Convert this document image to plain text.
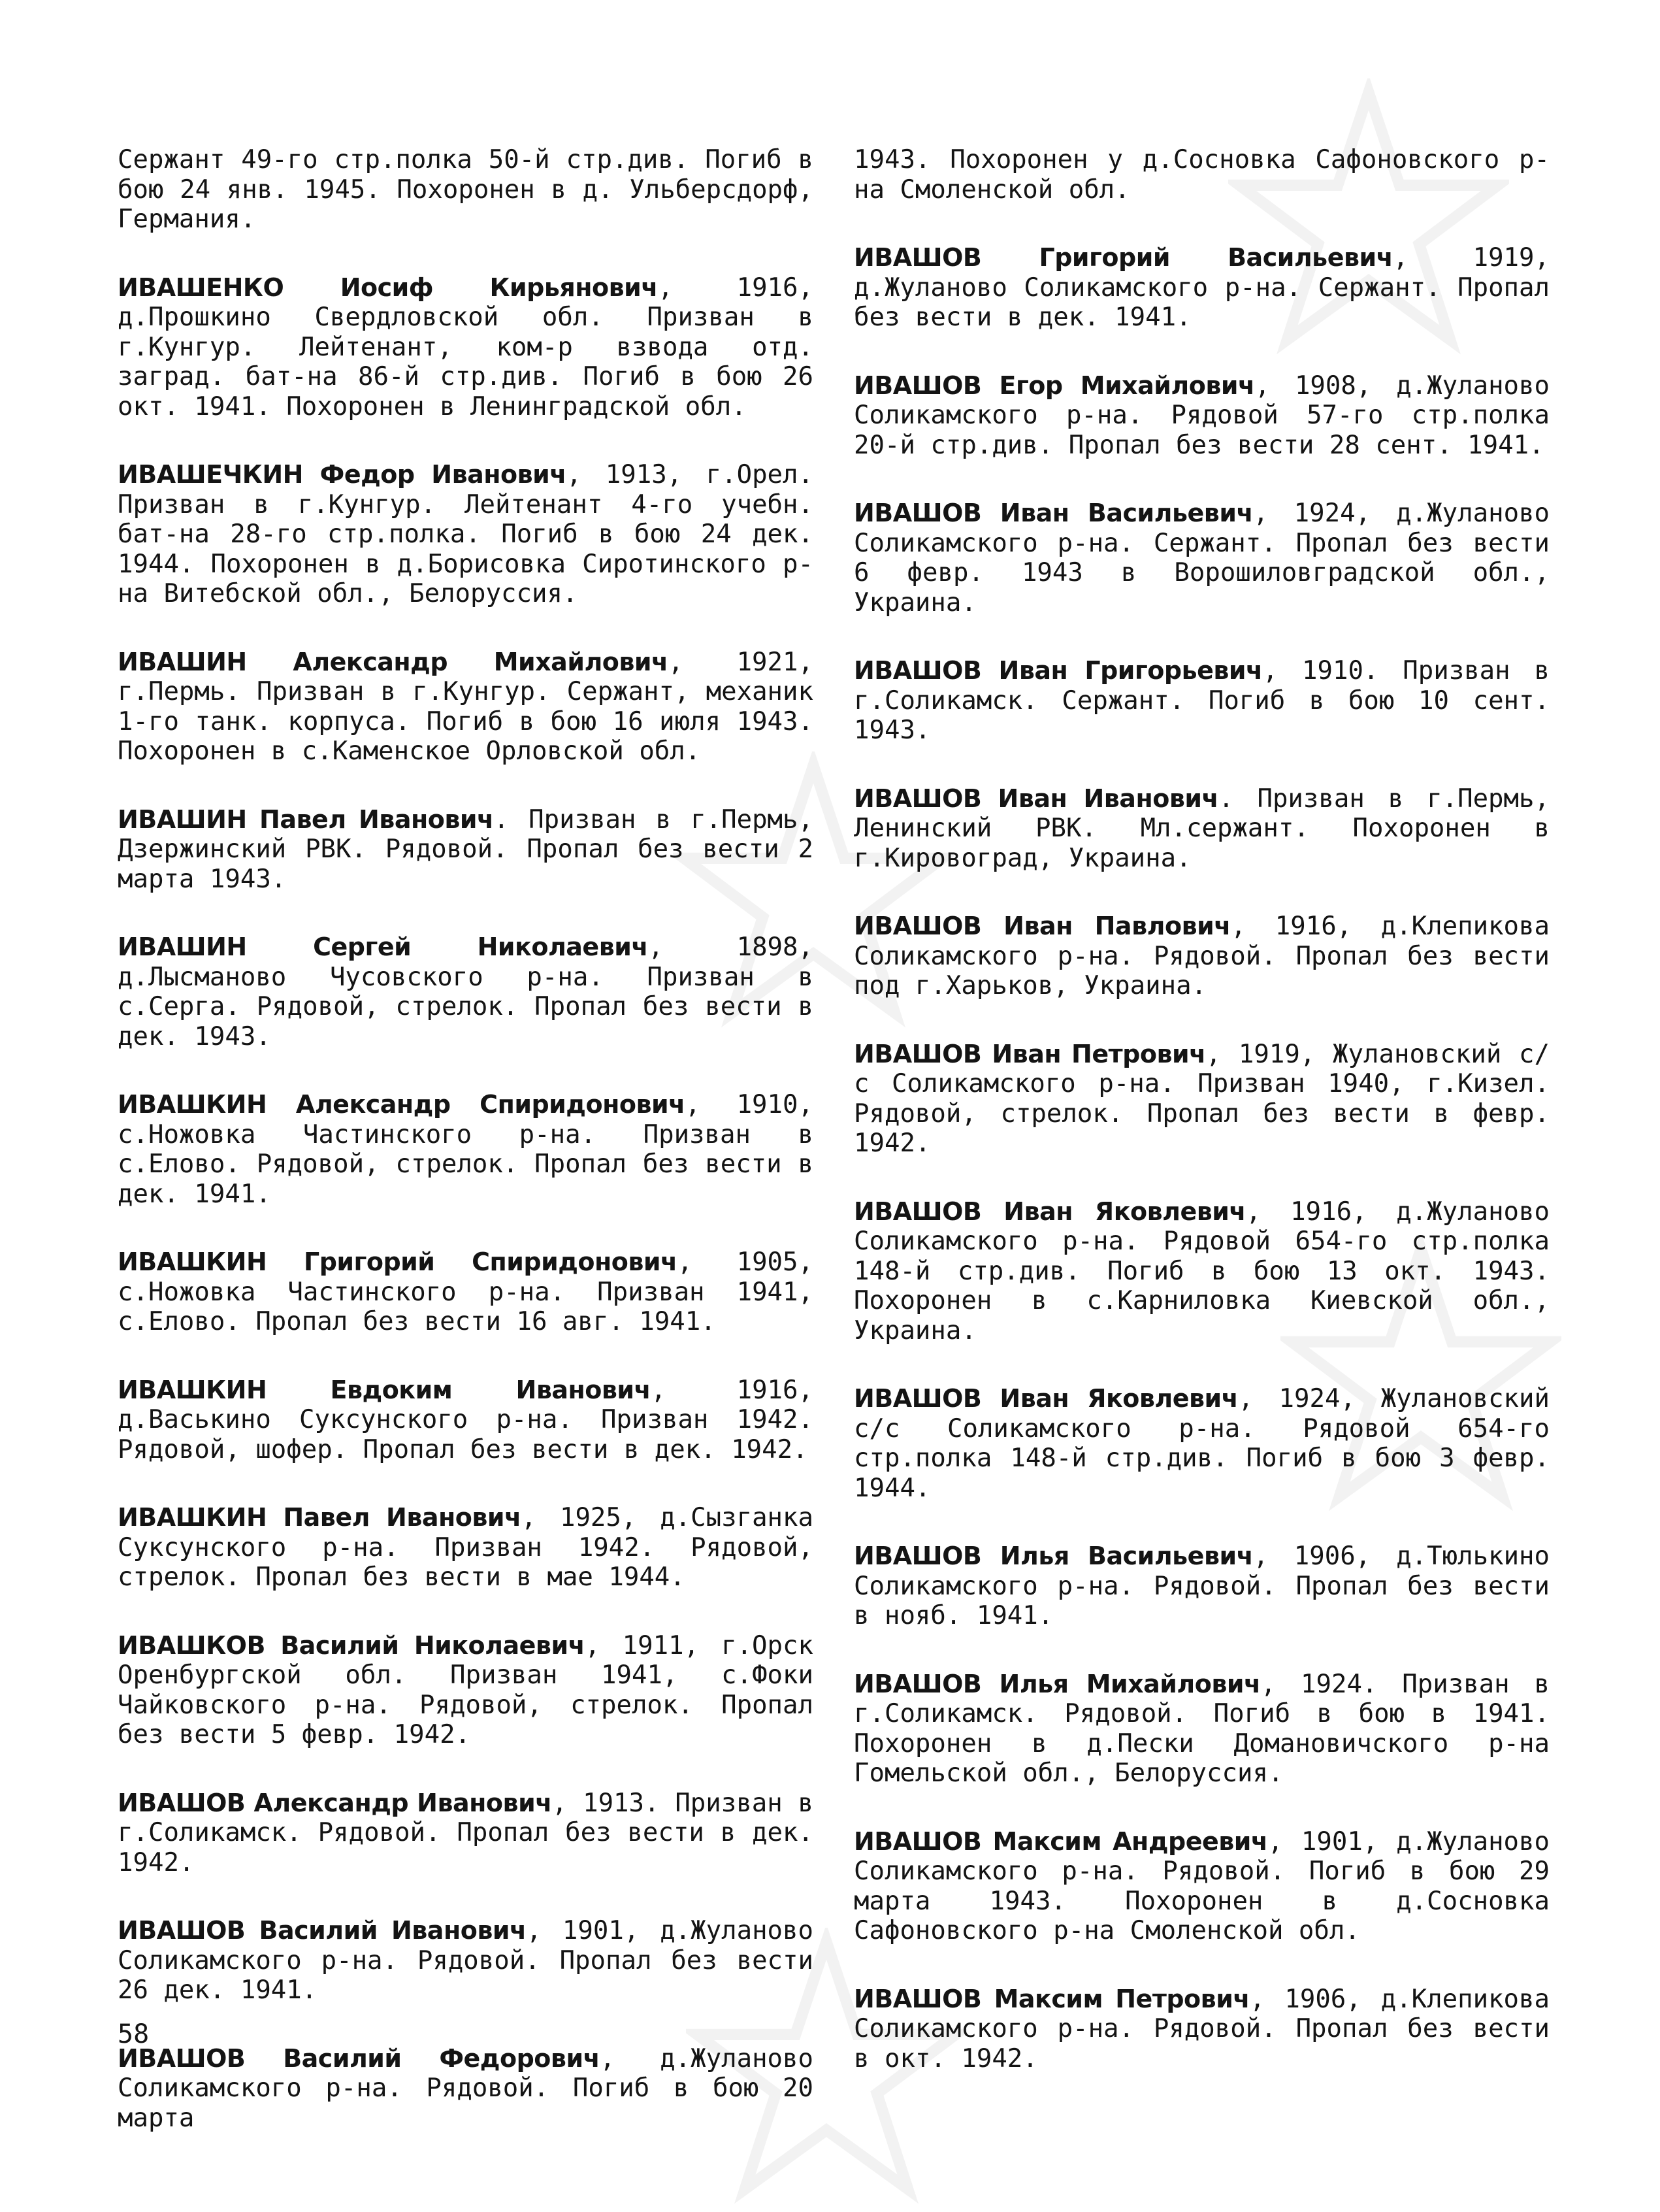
Сержант 49-го стр.полка 50-й стр.див. Погиб в бою 24 янв. 1945. Похоронен в д. Ульберсдорф, Германия.

ИВАШЕНКО Иосиф Кирьянович, 1916, д.Прошкино Свердловской обл. Призван в г.Кунгур. Лейтенант, ком-р взвода отд. заград. бат-на 86-й стр.див. Погиб в бою 26 окт. 1941. Похоронен в Ленинградской обл.

ИВАШЕЧКИН Федор Иванович, 1913, г.Орел. Призван в г.Кунгур. Лейтенант 4-го учебн. бат-на 28-го стр.полка. Погиб в бою 24 дек. 1944. Похоронен в д.Борисовка Сиротинского р-на Витебской обл., Белоруссия.

ИВАШИН Александр Михайлович, 1921, г.Пермь. Призван в г.Кунгур. Сержант, механик 1-го танк. корпуса. Погиб в бою 16 июля 1943. Похоронен в с.Каменское Орловской обл.

ИВАШИН Павел Иванович. Призван в г.Пермь, Дзержинский РВК. Рядовой. Пропал без вести 2 марта 1943.

ИВАШИН Сергей Николаевич, 1898, д.Лысманово Чусовского р-на. Призван в с.Серга. Рядовой, стрелок. Пропал без вести в дек. 1943.

ИВАШКИН Александр Спиридонович, 1910, с.Ножовка Частинского р-на. Призван в с.Елово. Рядовой, стрелок. Пропал без вести в дек. 1941.

ИВАШКИН Григорий Спиридонович, 1905, с.Ножовка Частинского р-на. Призван 1941, с.Елово. Пропал без вести 16 авг. 1941.

ИВАШКИН Евдоким Иванович, 1916, д.Васькино Суксунского р-на. Призван 1942. Рядовой, шофер. Пропал без вести в дек. 1942.

ИВАШКИН Павел Иванович, 1925, д.Сызганка Суксунского р-на. Призван 1942. Рядовой, стрелок. Пропал без вести в мае 1944.

ИВАШКОВ Василий Николаевич, 1911, г.Орск Оренбургской обл. Призван 1941, с.Фоки Чайковского р-на. Рядовой, стрелок. Пропал без вести 5 февр. 1942.

ИВАШОВ Александр Иванович, 1913. Призван в г.Соликамск. Рядовой. Пропал без вести в дек. 1942.

ИВАШОВ Василий Иванович, 1901, д.Жуланово Соликамского р-на. Рядовой. Пропал без вести 26 дек. 1941.

ИВАШОВ Василий Федорович, д.Жуланово Соликамского р-на. Рядовой. Погиб в бою 20 марта

1943. Похоронен у д.Сосновка Сафоновского р-на Смоленской обл.

ИВАШОВ Григорий Васильевич, 1919, д.Жуланово Соликамского р-на. Сержант. Пропал без вести в дек. 1941.

ИВАШОВ Егор Михайлович, 1908, д.Жуланово Соликамского р-на. Рядовой 57-го стр.полка 20-й стр.див. Пропал без вести 28 сент. 1941.

ИВАШОВ Иван Васильевич, 1924, д.Жуланово Соликамского р-на. Сержант. Пропал без вести 6 февр. 1943 в Ворошиловградской обл., Украина.

ИВАШОВ Иван Григорьевич, 1910. Призван в г.Соликамск. Сержант. Погиб в бою 10 сент. 1943.

ИВАШОВ Иван Иванович. Призван в г.Пермь, Ленинский РВК. Мл.сержант. Похоронен в г.Кировоград, Украина.

ИВАШОВ Иван Павлович, 1916, д.Клепикова Соликамского р-на. Рядовой. Пропал без вести под г.Харьков, Украина.

ИВАШОВ Иван Петрович, 1919, Жулановский с/с Соликамского р-на. Призван 1940, г.Кизел. Рядовой, стрелок. Пропал без вести в февр. 1942.

ИВАШОВ Иван Яковлевич, 1916, д.Жуланово Соликамского р-на. Рядовой 654-го стр.полка 148-й стр.див. Погиб в бою 13 окт. 1943. Похоронен в с.Карниловка Киевской обл., Украина.

ИВАШОВ Иван Яковлевич, 1924, Жулановский с/с Соликамского р-на. Рядовой 654-го стр.полка 148-й стр.див. Погиб в бою 3 февр. 1944.

ИВАШОВ Илья Васильевич, 1906, д.Тюлькино Соликамского р-на. Рядовой. Пропал без вести в нояб. 1941.

ИВАШОВ Илья Михайлович, 1924. Призван в г.Соликамск. Рядовой. Погиб в бою в 1941. Похоронен в д.Пески Домановичского р-на Гомельской обл., Белоруссия.

ИВАШОВ Максим Андреевич, 1901, д.Жуланово Соликамского р-на. Рядовой. Погиб в бою 29 марта 1943. Похоронен в д.Сосновка Сафоновского р-на Смоленской обл.

ИВАШОВ Максим Петрович, 1906, д.Клепикова Соликамского р-на. Рядовой. Пропал без вести в окт. 1942.

58
